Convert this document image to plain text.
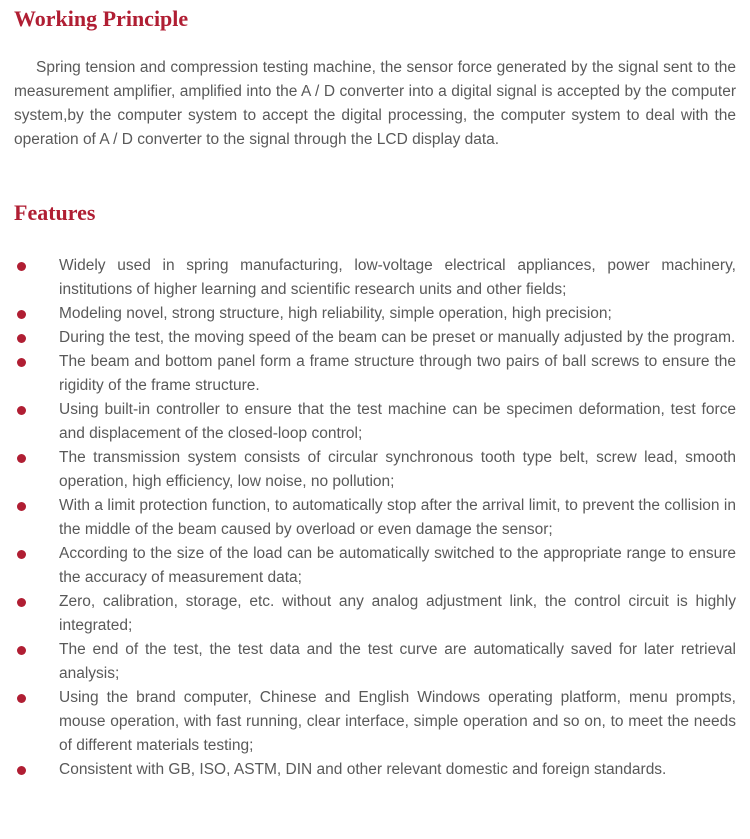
Working Principle

Spring tension and compression testing machine, the sensor force generated by the signal sent to the measurement amplifier, amplified into the A / D converter into a digital signal is accepted by the computer system,by the computer system to accept the digital processing, the computer system to deal with the operation of A / D converter to the signal through the LCD display data.

Features
Widely used in spring manufacturing, low-voltage electrical appliances, power machinery, institutions of higher learning and scientific research units and other fields;
Modeling novel, strong structure, high reliability, simple operation, high precision;
During the test, the moving speed of the beam can be preset or manually adjusted by the program.
The beam and bottom panel form a frame structure through two pairs of ball screws to ensure the rigidity of the frame structure.
Using built-in controller to ensure that the test machine can be specimen deformation, test force and displacement of the closed-loop control;
The transmission system consists of circular synchronous tooth type belt, screw lead, smooth operation, high efficiency, low noise, no pollution;
With a limit protection function, to automatically stop after the arrival limit, to prevent the collision in the middle of the beam caused by overload or even damage the sensor;
According to the size of the load can be automatically switched to the appropriate range to ensure the accuracy of measurement data;
Zero, calibration, storage, etc. without any analog adjustment link, the control circuit is highly integrated;
The end of the test, the test data and the test curve are automatically saved for later retrieval analysis;
Using the brand computer, Chinese and English Windows operating platform, menu prompts, mouse operation, with fast running, clear interface, simple operation and so on, to meet the needs of different materials testing;
Consistent with GB, ISO, ASTM, DIN and other relevant domestic and foreign standards.
